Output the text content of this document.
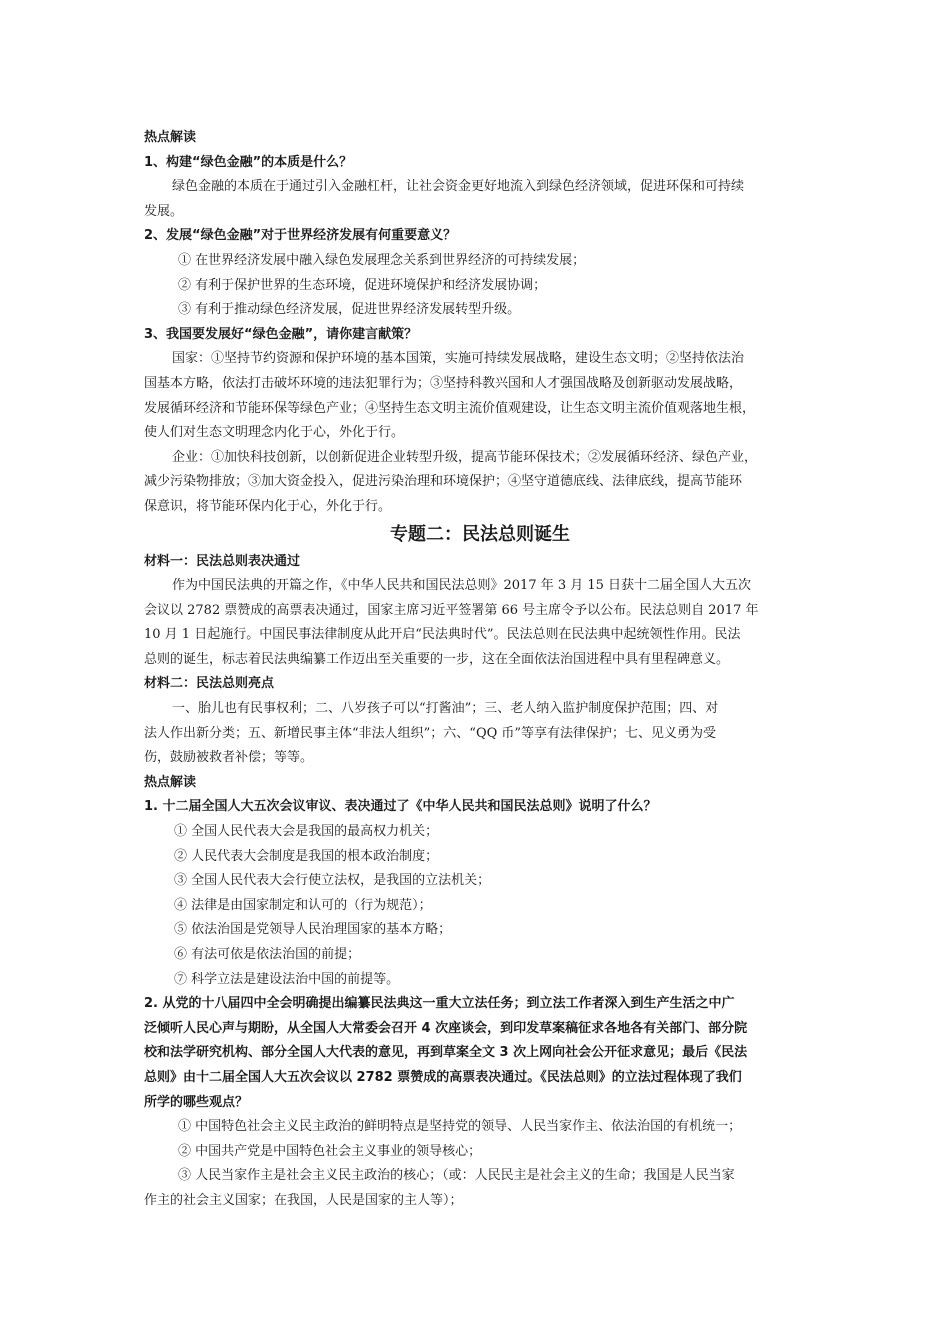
热点解读
1、构建“绿色金融”的本质是什么？
绿色金融的本质在于通过引入金融杠杆，让社会资金更好地流入到绿色经济领域，促进环保和可持续
发展。
2、发展“绿色金融”对于世界经济发展有何重要意义？
① 在世界经济发展中融入绿色发展理念关系到世界经济的可持续发展；
② 有利于保护世界的生态环境，促进环境保护和经济发展协调；
③ 有利于推动绿色经济发展，促进世界经济发展转型升级。
3、我国要发展好“绿色金融”，请你建言献策？
国家：①坚持节约资源和保护环境的基本国策，实施可持续发展战略，建设生态文明；②坚持依法治
国基本方略，依法打击破坏环境的违法犯罪行为；③坚持科教兴国和人才强国战略及创新驱动发展战略，
发展循环经济和节能环保等绿色产业；④坚持生态文明主流价值观建设，让生态文明主流价值观落地生根，
使人们对生态文明理念内化于心，外化于行。
企业：①加快科技创新，以创新促进企业转型升级，提高节能环保技术；②发展循环经济、绿色产业，
减少污染物排放；③加大资金投入，促进污染治理和环境保护；④坚守道德底线、法律底线，提高节能环
保意识，将节能环保内化于心，外化于行。
专题二：民法总则诞生
材料一：民法总则表决通过
作为中国民法典的开篇之作，《中华人民共和国民法总则》2017 年 3 月 15 日获十二届全国人大五次
会议以 2782 票赞成的高票表决通过，国家主席习近平签署第 66 号主席令予以公布。民法总则自 2017 年
10 月 1 日起施行。中国民事法律制度从此开启“民法典时代”。民法总则在民法典中起统领性作用。民法
总则的诞生，标志着民法典编纂工作迈出至关重要的一步，这在全面依法治国进程中具有里程碑意义。
材料二：民法总则亮点
一、胎儿也有民事权利；二、八岁孩子可以“打酱油”；三、老人纳入监护制度保护范围；四、对
法人作出新分类；五、新增民事主体“非法人组织”；六、“QQ 币”等享有法律保护；七、见义勇为受
伤，鼓励被救者补偿；等等。
热点解读
1. 十二届全国人大五次会议审议、表决通过了《中华人民共和国民法总则》说明了什么？
① 全国人民代表大会是我国的最高权力机关；
② 人民代表大会制度是我国的根本政治制度；
③ 全国人民代表大会行使立法权，是我国的立法机关；
④ 法律是由国家制定和认可的（行为规范）；
⑤ 依法治国是党领导人民治理国家的基本方略；
⑥ 有法可依是依法治国的前提；
⑦ 科学立法是建设法治中国的前提等。
2. 从党的十八届四中全会明确提出编纂民法典这一重大立法任务；到立法工作者深入到生产生活之中广
泛倾听人民心声与期盼，从全国人大常委会召开 4 次座谈会，到印发草案稿征求各地各有关部门、部分院
校和法学研究机构、部分全国人大代表的意见，再到草案全文 3 次上网向社会公开征求意见；最后《民法
总则》由十二届全国人大五次会议以 2782 票赞成的高票表决通过。《民法总则》的立法过程体现了我们
所学的哪些观点？
① 中国特色社会主义民主政治的鲜明特点是坚持党的领导、人民当家作主、依法治国的有机统一；
② 中国共产党是中国特色社会主义事业的领导核心；
③ 人民当家作主是社会主义民主政治的核心；（或：人民民主是社会主义的生命；我国是人民当家
作主的社会主义国家；在我国，人民是国家的主人等）；
